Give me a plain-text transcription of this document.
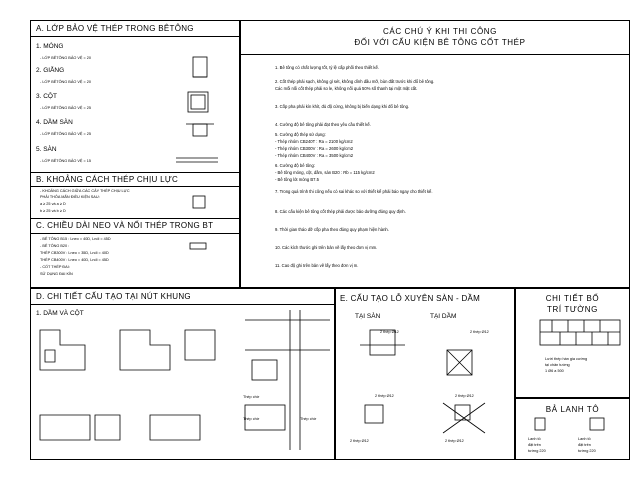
A. LỚP BẢO VỆ THÉP TRONG BÊTÔNG
1. MÓNG
- LỚP BÊTÔNG BẢO VỆ = 20
2. GIẰNG
- LỚP BÊTÔNG BẢO VỆ = 20
3. CỘT
- LỚP BÊTÔNG BẢO VỆ = 25
4. DẦM SÀN
- LỚP BÊTÔNG BẢO VỆ = 25
5. SÀN
- LỚP BÊTÔNG BẢO VỆ = 15
B. KHOẢNG CÁCH THÉP CHỊU LỰC
- KHOẢNG CÁCH GIỮA CÁC CÂY THÉP CHỊU LỰC
PHẢI THỎA MÃN ĐIỀU KIỆN SAU:
a ≥ 25 và a ≥ D
b ≥ 25 và b ≥ D
C. CHIỀU DÀI NEO VÀ NỐI THÉP TRONG BT
- BÊ TÔNG B15 : Lneo = 40D, Lnối = 45D
- BÊ TÔNG B20 :
THÉP CB300V : Lneo = 35D, Lnối = 40D
THÉP CB400V : Lneo = 40D, Lnối = 45D
- CỐT THÉP ĐAI:
SỬ DỤNG ĐAI KÍN
CÁC CHÚ Ý KHI THI CÔNG
ĐỐI VỚI CẤU KIỆN BÊ TÔNG CỐT THÉP
1. Bê tông có chất lượng tốt, tỷ lệ cấp phối theo thiết kế.
2. Cốt thép phải sạch, không gỉ sét, không dính dầu mỡ, bùn đất trước khi đổ bê tông.
Các mối nối cốt thép phải so le, không nối quá 50% số thanh tại một mặt cắt.
3. Cốp pha phải kín khít, đủ độ cứng, không bị biến dạng khi đổ bê tông.
4. Cường độ bê tông phải đạt theo yêu cầu thiết kế.
5. Cường độ thép sử dụng:
- Thép nhóm CB240T : Ra = 2100 kg/cm2
- Thép nhóm CB300V : Ra = 2600 kg/cm2
- Thép nhóm CB400V : Ra = 3500 kg/cm2
6. Cường độ bê tông:
- Bê tông móng, cột, dầm, sàn B20 : Rb = 115 kg/cm2
- Bê tông lót móng B7.5
7. Trong quá trình thi công nếu có sai khác so với thiết kế phải báo ngay cho thiết kế.
8. Các cấu kiện bê tông cốt thép phải được bảo dưỡng đúng quy định.
9. Thời gian tháo dỡ cốp pha theo đúng quy phạm hiện hành.
10. Các kích thước ghi trên bản vẽ lấy theo đơn vị mm.
11. Cao độ ghi trên bản vẽ lấy theo đơn vị m.
D. CHI TIẾT CẤU TẠO TẠI NÚT KHUNG
1. DẦM VÀ CỘT
Thép chờ
Thép chờ	Thép chờ
E. CẤU TẠO LỖ XUYÊN SÀN - DẦM
TẠI SÀN	TẠI DẦM
2 thép Ø12	2 thép Ø12
2 thép Ø12	2 thép Ø12
2 thép Ø12
2 thép Ø12
CHI TIẾT BỐ
TRÍ TƯỜNG
Lưới thép hàn gia cường
tại chân tường
1 Ø6 a 500
BẢ LANH TÔ
Lanh tô
đặt trên
tường 220
Lanh tô
đặt trên
tường 220
